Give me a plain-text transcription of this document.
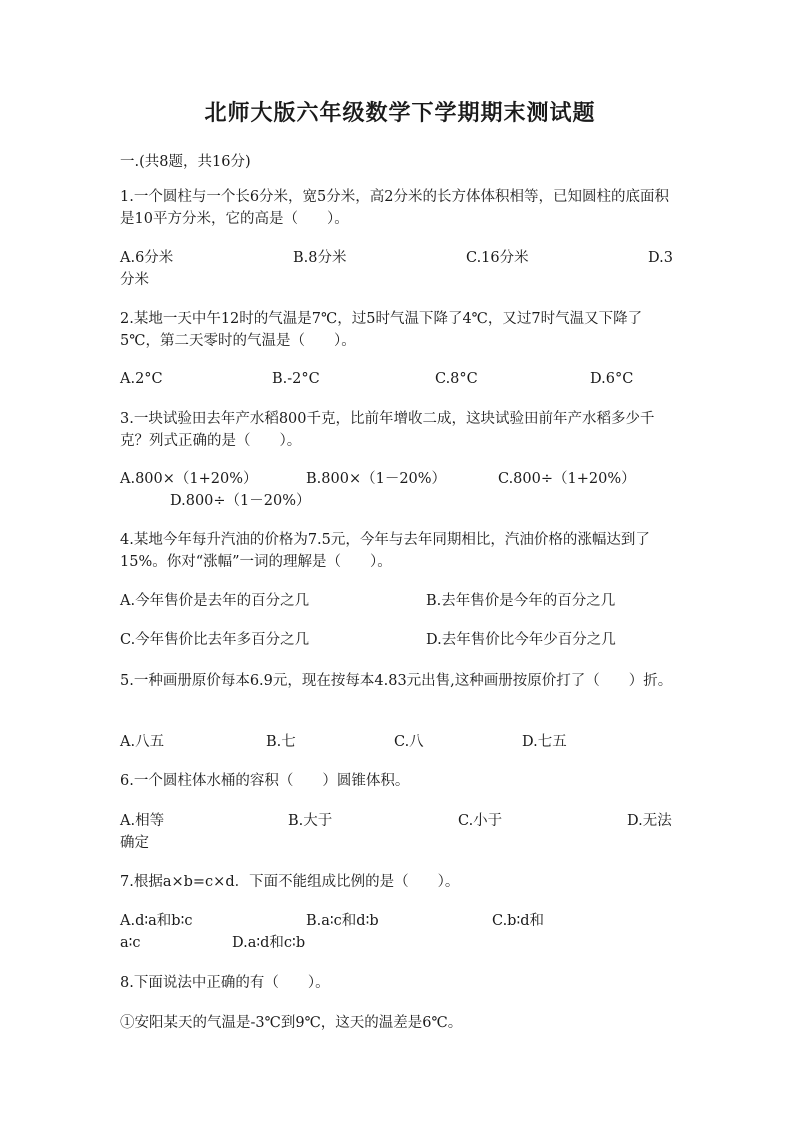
北师大版六年级数学下学期期末测试题
一.(共8题，共16分)
1.一个圆柱与一个长6分米，宽5分米，高2分米的长方体体积相等，已知圆柱的底面积是10平方分米，它的高是（　　）。
A.6分米	B.8分米	C.16分米	D.3
分米
2.某地一天中午12时的气温是7℃，过5时气温下降了4℃，又过7时气温又下降了5℃，第二天零时的气温是（　　）。
A.2°C	B.-2°C	C.8°C	D.6°C
3.一块试验田去年产水稻800千克，比前年增收二成，这块试验田前年产水稻多少千克？列式正确的是（　　）。
A.800×（1+20%）	B.800×（1－20%）	C.800÷（1+20%）
D.800÷（1－20%）
4.某地今年每升汽油的价格为7.5元，今年与去年同期相比，汽油价格的涨幅达到了15%。你对“涨幅”一词的理解是（　　）。
A.今年售价是去年的百分之几	B.去年售价是今年的百分之几
C.今年售价比去年多百分之几	D.去年售价比今年少百分之几
5.一种画册原价每本6.9元，现在按每本4.83元出售,这种画册按原价打了（　　）折。
A.八五	B.七	C.八	D.七五
6.一个圆柱体水桶的容积（　　）圆锥体积。
A.相等	B.大于	C.小于	D.无法
确定
7.根据a×b=c×d．下面不能组成比例的是（　　）。
A.d∶a和b∶c	B.a∶c和d∶b	C.b∶d和
a∶c	D.a∶d和c∶b
8.下面说法中正确的有（　　）。
①安阳某天的气温是-3℃到9℃，这天的温差是6℃。
